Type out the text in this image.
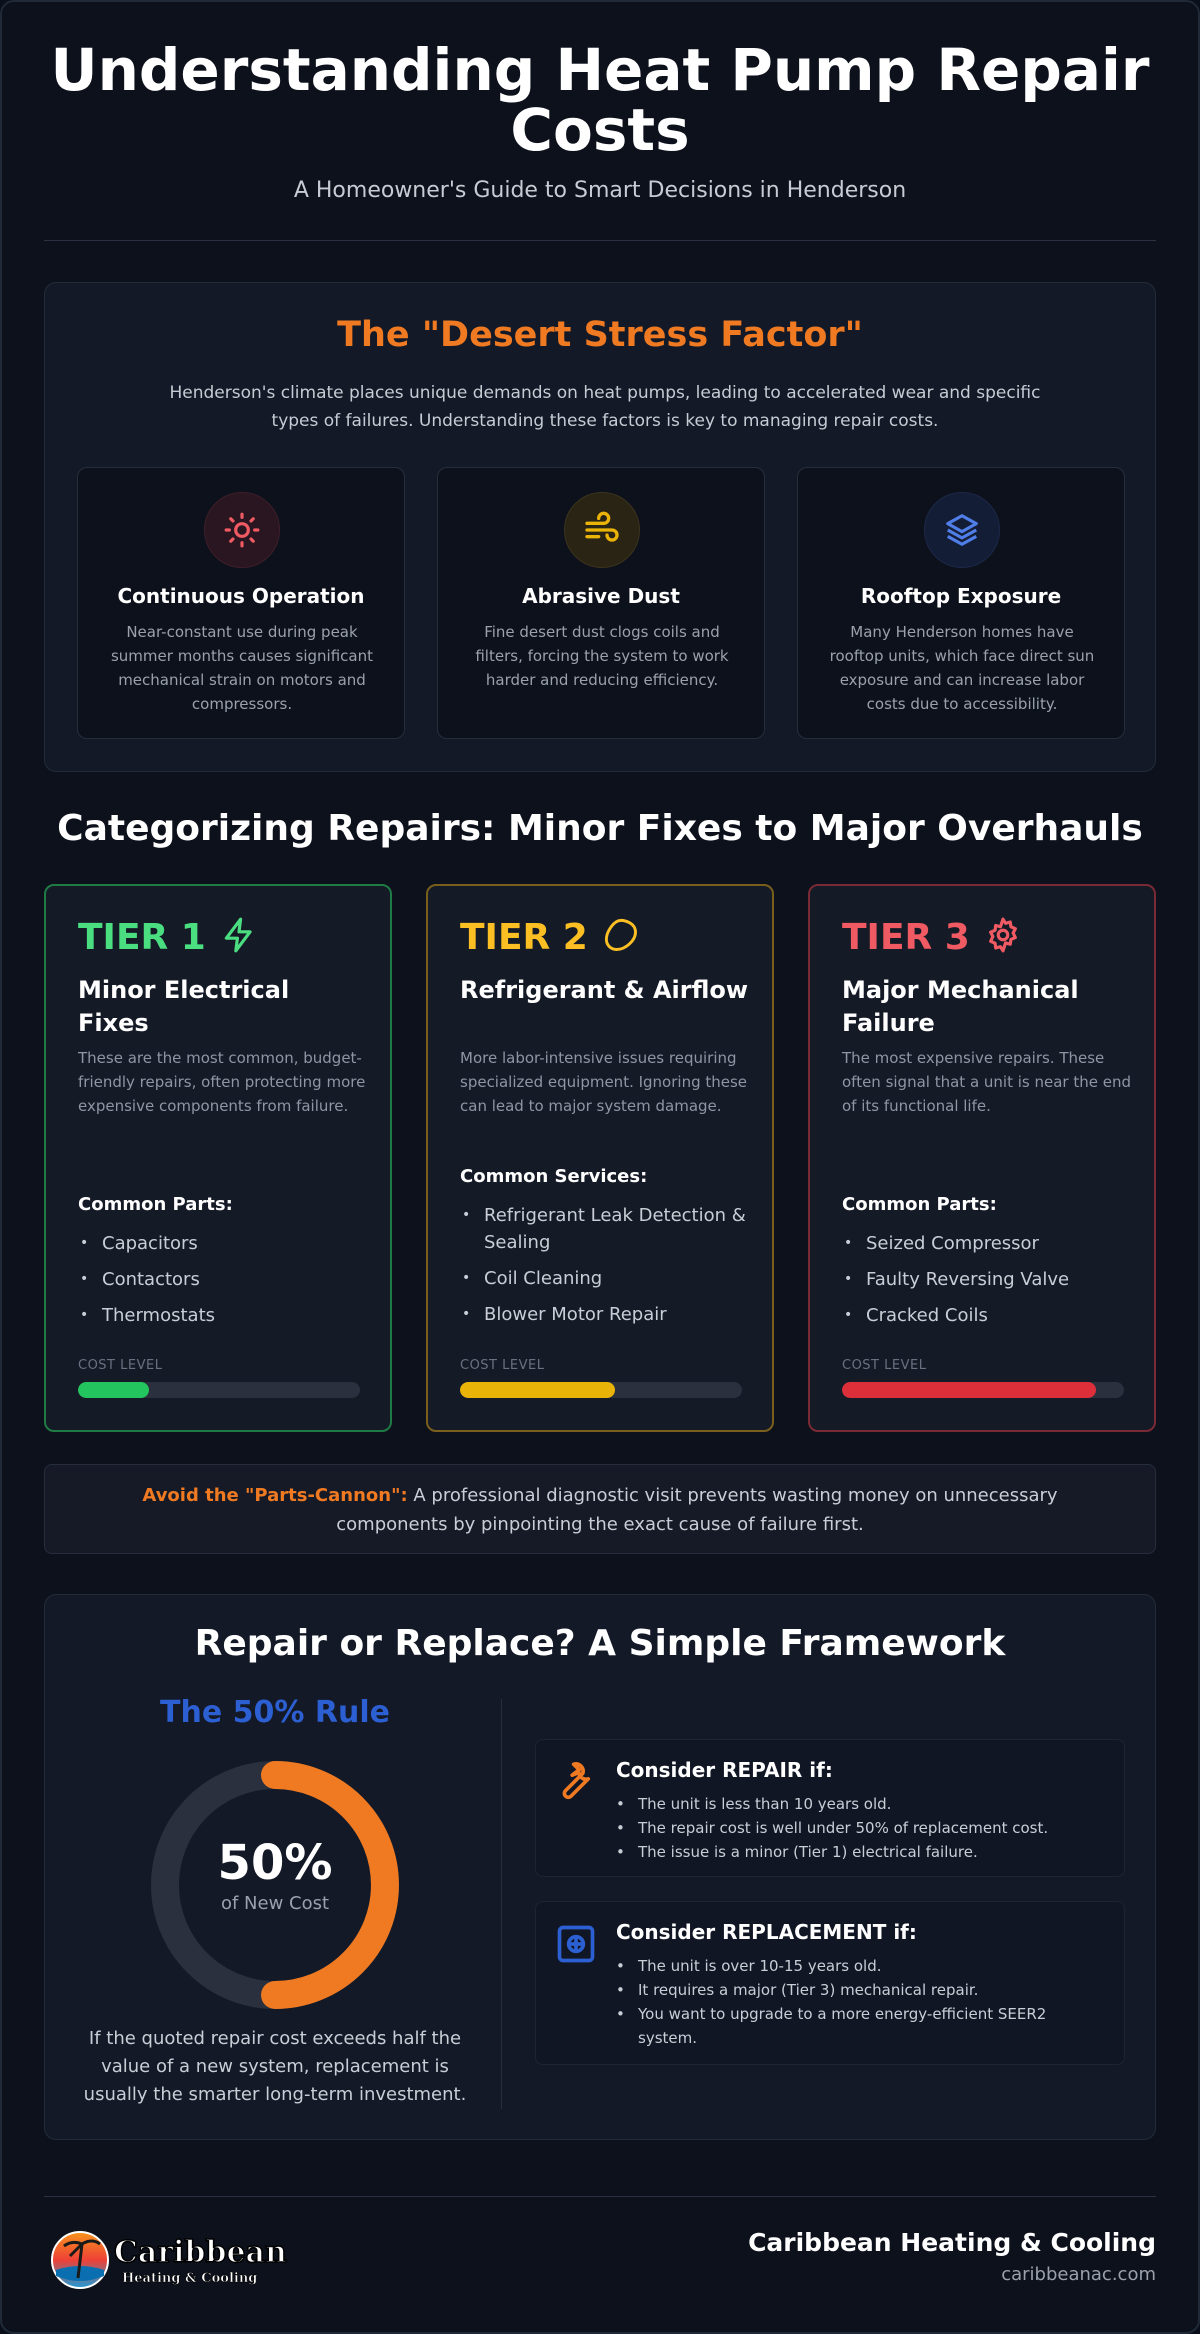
Understanding Heat Pump Repair Costs
A Homeowner's Guide to Smart Decisions in Henderson
The "Desert Stress Factor"
Henderson's climate places unique demands on heat pumps, leading to accelerated wear and specific types of failures. Understanding these factors is key to managing repair costs.
Continuous Operation
Near-constant use during peak summer months causes significant mechanical strain on motors and compressors.
Abrasive Dust
Fine desert dust clogs coils and filters, forcing the system to work harder and reducing efficiency.
Rooftop Exposure
Many Henderson homes have rooftop units, which face direct sun exposure and can increase labor costs due to accessibility.
Categorizing Repairs: Minor Fixes to Major Overhauls
TIER 1
Minor Electrical Fixes
These are the most common, budget-friendly repairs, often protecting more expensive components from failure.
Common Parts:
• Capacitors
• Contactors
• Thermostats
COST LEVEL
TIER 2
Refrigerant & Airflow
More labor-intensive issues requiring specialized equipment. Ignoring these can lead to major system damage.
Common Services:
• Refrigerant Leak Detection & Sealing
• Coil Cleaning
• Blower Motor Repair
COST LEVEL
TIER 3
Major Mechanical Failure
The most expensive repairs. These often signal that a unit is near the end of its functional life.
Common Parts:
• Seized Compressor
• Faulty Reversing Valve
• Cracked Coils
COST LEVEL
Avoid the "Parts-Cannon": A professional diagnostic visit prevents wasting money on unnecessary components by pinpointing the exact cause of failure first.
Repair or Replace? A Simple Framework
The 50% Rule
50%
of New Cost
If the quoted repair cost exceeds half the value of a new system, replacement is usually the smarter long-term investment.
Consider REPAIR if:
• The unit is less than 10 years old.
• The repair cost is well under 50% of replacement cost.
• The issue is a minor (Tier 1) electrical failure.
Consider REPLACEMENT if:
• The unit is over 10-15 years old.
• It requires a major (Tier 3) mechanical repair.
• You want to upgrade to a more energy-efficient SEER2 system.
Caribbean
Heating & Cooling
Caribbean Heating & Cooling
caribbeanac.com
